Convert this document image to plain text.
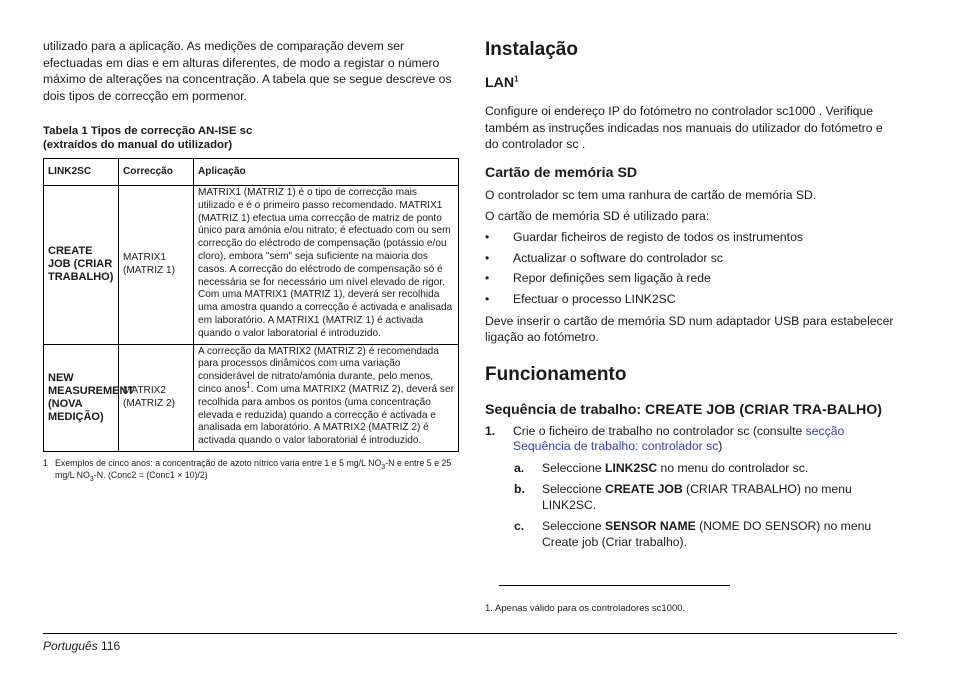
utilizado para a aplicação. As medições de comparação devem ser efectuadas em dias e em alturas diferentes, de modo a registar o número máximo de alterações na concentração. A tabela que se segue descreve os dois tipos de correcção em pormenor.

Tabela 1 Tipos de correcção AN-ISE sc
(extraídos do manual do utilizador)
LINK2SC	Correcção	Aplicação
CREATE JOB (CRIAR TRABALHO)	MATRIX1 (MATRIZ 1)	MATRIX1 (MATRIZ 1) é o tipo de correcção mais utilizado e é o primeiro passo recomendado. MATRIX1 (MATRIZ 1) efectua uma correcção de matriz de ponto único para amónia e/ou nitrato; é efectuado com ou sem correcção do eléctrodo de compensação (potássio e/ou cloro), embora "sem" seja suficiente na maioria dos casos. A correcção do eléctrodo de compensação só é necessária se for necessário um nível elevado de rigor. Com uma MATRIX1 (MATRIZ 1), deverá ser recolhida uma amostra quando a correcção é activada e analisada em laboratório. A MATRIX1 (MATRIZ 1) é activada quando o valor laboratorial é introduzido.
NEW MEASUREMENT (NOVA MEDIÇÃO)	MATRIX2 (MATRIZ 2)	A correcção da MATRIX2 (MATRIZ 2) é recomendada para processos dinâmicos com uma variação considerável de nitrato/amónia durante, pelo menos, cinco anos$^1$. Com uma MATRIX2 (MATRIZ 2), deverá ser recolhida para ambos os pontos (uma concentração elevada e reduzida) quando a correcção é activada e analisada em laboratório. A MATRIX2 (MATRIZ 2) é activada quando o valor laboratorial é introduzido.
1 Exemplos de cinco anos: a concentração de azoto nítrico varia entre 1 e 5 mg/L $NO_3-N$ e entre 5 e 25 mg/L $NO_3-N$. (Conc2 = (Conc1 × 10)/2)
Instalação
LAN$^1$

Configure oi endereço IP do fotómetro no controlador sc1000 . Verifique também as instruções indicadas nos manuais do utilizador do fotómetro e do controlador sc .

Cartão de memória SD

O controlador sc tem uma ranhura de cartão de memória SD.

O cartão de memória SD é utilizado para:

• Guardar ficheiros de registo de todos os instrumentos
• Actualizar o software do controlador sc
• Repor definições sem ligação à rede
• Efectuar o processo LINK2SC

Deve inserir o cartão de memória SD num adaptador USB para estabelecer ligação ao fotómetro.

Funcionamento
Sequência de trabalho: CREATE JOB (CRIAR TRA-BALHO)
1. Crie o ficheiro de trabalho no controlador sc (consulte secção Sequência de trabalho: controlador sc)
a. Seleccione LINK2SC no menu do controlador sc.
b. Seleccione CREATE JOB (CRIAR TRABALHO) no menu LINK2SC.
c. Seleccione SENSOR NAME (NOME DO SENSOR) no menu Create job (Criar trabalho).
1. Apenas válido para os controladores sc1000.
Português 116
